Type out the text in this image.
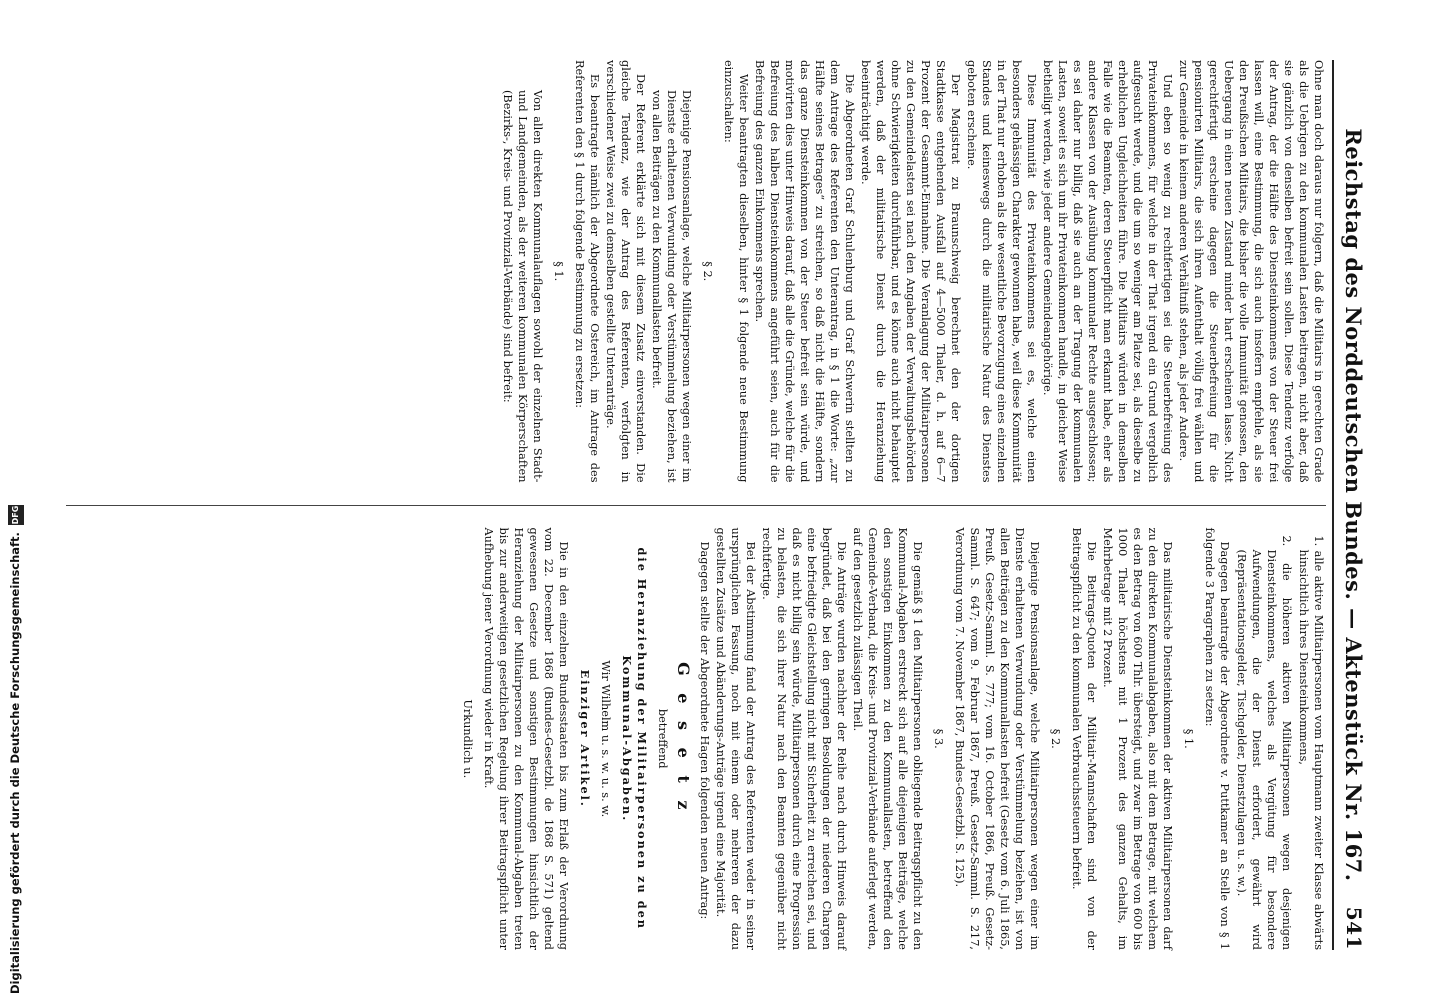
Reichstag des Norddeutschen Bundes. — Aktenstück Nr. 167.
541

Ohne man doch daraus nur folgern, daß die Militairs in gerechten Grade als die Uebrigen zu den kommunalen Lasten beitragen, nicht aber, daß sie gänzlich von denselben befreit sein sollen. Diese Tendenz verfolge der Antrag, der die Hälfte des Diensteinkommens von der Steuer frei lassen will, eine Bestimmung, die sich auch insofern empfehle, als sie den Preußischen Militairs, die bisher die volle Immunität genossen, den Uebergang in einen neuen Zustand minder hart erscheinen lasse. Nicht gerechtfertigt erscheine dagegen die Steuerbefreiung für die pensionirten Militairs, die sich ihren Aufenthalt völlig frei wählen und zur Gemeinde in keinem anderen Verhältniß stehen, als jeder Andere.

Und eben so wenig zu rechtfertigen sei die Steuerbefreiung des Privateinkommens, für welche in der That irgend ein Grund vergeblich aufgesucht werde, und die um so weniger am Platze sei, als dieselbe zu erheblichen Ungleichheiten führe. Die Militairs würden in demselben Falle wie die Beamten, deren Steuerpflicht man erkannt habe, eher als andere Klassen von der Ausübung kommunaler Rechte ausgeschlossen; es sei daher nur billig, daß sie auch an der Tragung der kommunalen Lasten, soweit es sich um ihr Privateinkommen handle, in gleicher Weise betheiligt werden, wie jeder andere Gemeindeangehörige.

Diese Immunität des Privateinkommens sei es, welche einen besonders gehässigen Charakter gewonnen habe, weil diese Kommunität in der That nur erhoben als die wesentliche Bevorzugung eines einzelnen Standes und keineswegs durch die militairische Natur des Dienstes geboten erscheine.

Der Magistrat zu Braunschweig berechnet den der dortigen Stadtkasse entgehenden Ausfall auf 4—5000 Thaler, d. h. auf 6—7 Prozent der Gesammt-Einnahme. Die Veranlagung der Militairpersonen zu den Gemeindelasten sei nach den Angaben der Verwaltungsbehörden ohne Schwierigkeiten durchführbar, und es könne auch nicht behauptet werden, daß der militairische Dienst durch die Heranziehung beeinträchtigt werde.

Die Abgeordneten Graf Schulenburg und Graf Schwerin stellten zu dem Antrage des Referenten den Unterantrag, in § 1 die Worte: „zur Hälfte seines Betrages“ zu streichen, so daß nicht die Hälfte, sondern das ganze Diensteinkommen von der Steuer befreit sein würde, und motivirten dies unter Hinweis darauf, daß alle die Gründe, welche für die Befreiung des halben Diensteinkommens angeführt seien, auch für die Befreiung des ganzen Einkommens sprechen.

Weiter beantragten dieselben, hinter § 1 folgende neue Bestimmung einzuschalten:

§ 2.

Diejenige Pensionsanlage, welche Militairpersonen wegen einer im Dienste erhaltenen Verwundung oder Verstümmelung beziehen, ist von allen Beiträgen zu den Kommunallasten befreit.

Der Referent erklärte sich mit diesem Zusatz einverstanden. Die gleiche Tendenz, wie der Antrag des Referenten, verfolgten in verschiedener Weise zwei zu demselben gestellte Unteranträge.

Es beantragte nämlich der Abgeordnete Ostereich, im Antrage des Referenten den § 1 durch folgende Bestimmung zu ersetzen:

§ 1.

Von allen direkten Kommunalauflagen sowohl der einzelnen Stadt- und Landgemeinden, als der weiteren kommunalen Körperschaften (Bezirks-, Kreis- und Provinzial-Verbände) sind befreit:

1. alle aktive Militairpersonen vom Hauptmann zweiter Klasse abwärts hinsichtlich ihres Diensteinkommens,

2. die höheren aktiven Militairpersonen wegen desjenigen Diensteinkommens, welches als Vergütung für besondere Aufwendungen, die der Dienst erfordert, gewährt wird (Repräsentationsgelder, Tischgelder, Dienstzulagen u. s. w.).

Dagegen beantragte der Abgeordnete v. Puttkamer an Stelle von § 1 folgende 3 Paragraphen zu setzen:

§ 1.

Das militairische Diensteinkommen der aktiven Militairpersonen darf zu den direkten Kommunalabgaben, also mit dem Betrage, mit welchem es den Betrag von 600 Thlr. übersteigt, und zwar im Betrage von 600 bis 1000 Thaler höchstens mit 1 Prozent des ganzen Gehalts, im Mehrbetrage mit 2 Prozent.

Die Beitrags-Quoten der Militair-Mannschaften sind von der Beitragspflicht zu den kommunalen Verbrauchssteuern befreit.

§ 2.

Diejenige Pensionsanlage, welche Militairpersonen wegen einer im Dienste erhaltenen Verwundung oder Verstümmelung beziehen, ist von allen Beiträgen zu den Kommunallasten befreit (Gesetz vom 6. Juli 1865, Preuß. Gesetz-Samml. S. 777; vom 16. October 1866, Preuß. Gesetz-Samml. S. 647; vom 9. Februar 1867, Preuß. Gesetz-Samml. S. 217, Verordnung vom 7. November 1867, Bundes-Gesetzbl. S. 125).

§ 3.

Die gemäß § 1 den Militairpersonen obliegende Beitragspflicht zu den Kommunal-Abgaben erstreckt sich auf alle diejenigen Beiträge, welche den sonstigen Einkommen zu den Kommunallasten, betreffend den Gemeinde-Verband, die Kreis- und Provinzial-Verbände auferlegt werden, auf den gesetzlich zulässigen Theil.

Die Anträge wurden nachher der Reihe nach durch Hinweis darauf begründet, daß bei den geringen Besoldungen der niederen Chargen eine befriedigte Gleichstellung nicht mit Sicherheit zu erreichen sei, und daß es nicht billig sein würde, Militairpersonen durch eine Progression zu belasten, die sich ihrer Natur nach den Beamten gegenüber nicht rechtfertige.

Bei der Abstimmung fand der Antrag des Referenten weder in seiner ursprünglichen Fassung, noch mit einem oder mehreren der dazu gestellten Zusätze und Abänderungs-Anträge irgend eine Majorität.

Dagegen stellte der Abgeordnete Hagen folgenden neuen Antrag:

G e s e t z

betreffend

die Heranziehung der Militairpersonen zu den Kommunal-Abgaben.

Wir Wilhelm u. s. w. u. s. w.

Einziger Artikel.

Die in den einzelnen Bundesstaaten bis zum Erlaß der Verordnung vom 22. December 1868 (Bundes-Gesetzbl. de 1868 S. 571) geltend gewesenen Gesetze und sonstigen Bestimmungen hinsichtlich der Heranziehung der Militairpersonen zu den Kommunal-Abgaben treten bis zur anderweitigen gesetzlichen Regelung ihrer Beitragspflicht unter Aufhebung jener Verordnung wieder in Kraft.

Urkundlich u.

Digitalisierung gefördert durch die Deutsche Forschungsgemeinschaft. DFG
